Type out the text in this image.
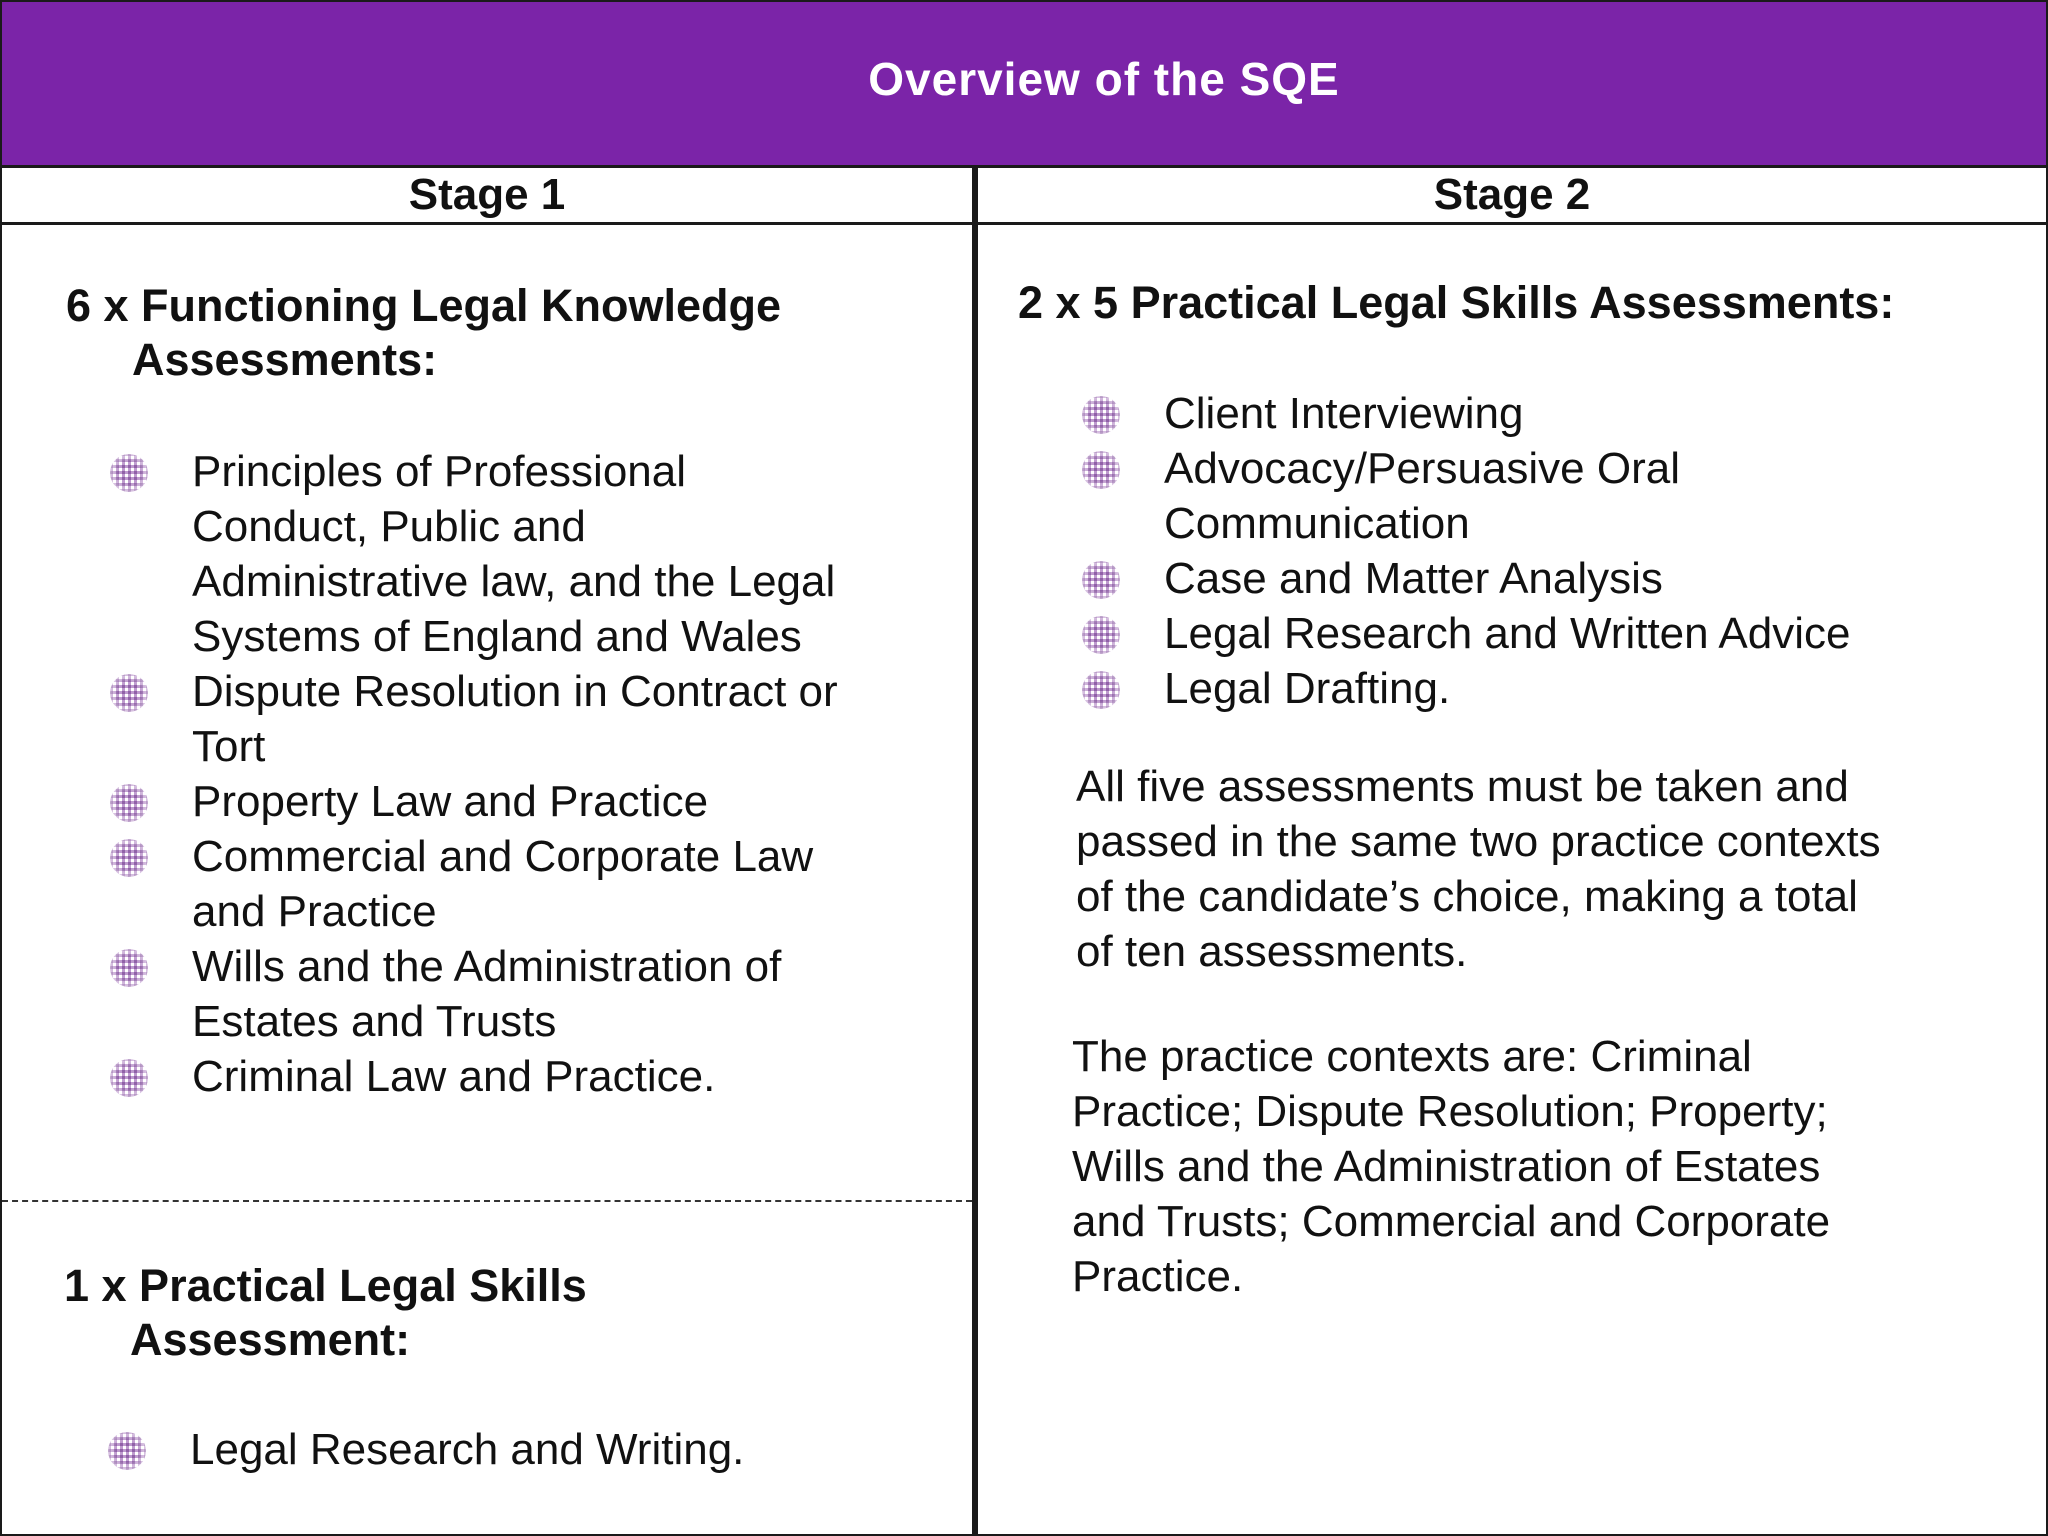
Overview of the SQE
Stage 1	Stage 2
6 x Functioning Legal Knowledge
Assessments:
Principles of Professional
Conduct, Public and
Administrative law, and the Legal
Systems of England and Wales
Dispute Resolution in Contract or
Tort
Property Law and Practice
Commercial and Corporate Law
and Practice
Wills and the Administration of
Estates and Trusts
Criminal Law and Practice.
1 x Practical Legal Skills
Assessment:
Legal Research and Writing.
2 x 5 Practical Legal Skills Assessments:
Client Interviewing
Advocacy/Persuasive Oral
Communication
Case and Matter Analysis
Legal Research and Written Advice
Legal Drafting.

All five assessments must be taken and
passed in the same two practice contexts
of the candidate’s choice, making a total
of ten assessments.

The practice contexts are: Criminal
Practice; Dispute Resolution; Property;
Wills and the Administration of Estates
and Trusts; Commercial and Corporate
Practice.
